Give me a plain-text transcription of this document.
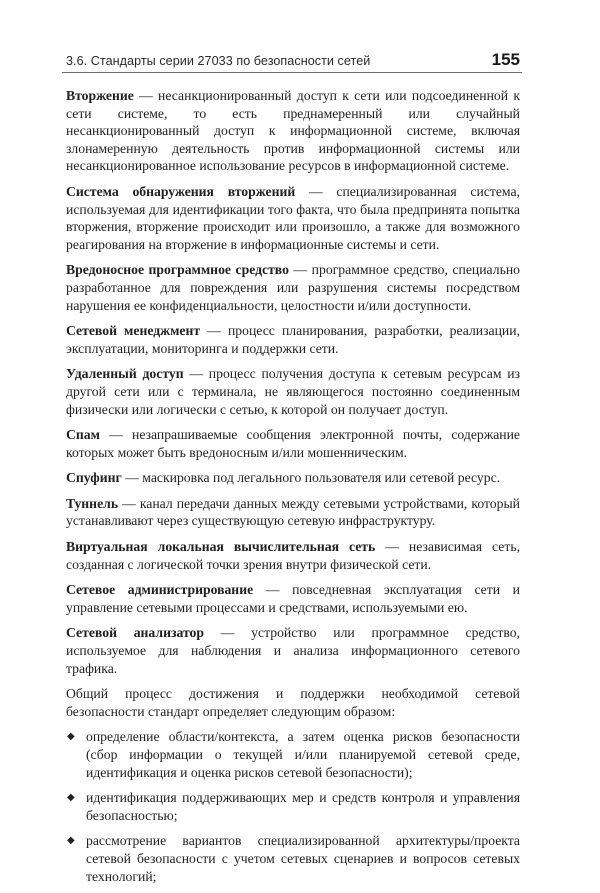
3.6. Стандарты серии 27033 по безопасности сетей	155

Вторжение — несанкционированный доступ к сети или подсоединенной к сети системе, то есть преднамеренный или случайный несанкционированный доступ к информационной системе, включая злонамеренную деятельность против информационной системы или несанкционированное использование ресурсов в информационной системе.

Система обнаружения вторжений — специализированная система, используемая для идентификации того факта, что была предпринята попытка вторжения, вторжение происходит или произошло, а также для возможного реагирования на вторжение в информационные системы и сети.

Вредоносное программное средство — программное средство, специально разработанное для повреждения или разрушения системы посредством нарушения ее конфиденциальности, целостности и/или доступности.

Сетевой менеджмент — процесс планирования, разработки, реализации, эксплуатации, мониторинга и поддержки сети.

Удаленный доступ — процесс получения доступа к сетевым ресурсам из другой сети или с терминала, не являющегося постоянно соединенным физически или логически с сетью, к которой он получает доступ.

Спам — незапрашиваемые сообщения электронной почты, содержание которых может быть вредоносным и/или мошенническим.

Спуфинг — маскировка под легального пользователя или сетевой ресурс.

Туннель — канал передачи данных между сетевыми устройствами, который устанавливают через существующую сетевую инфраструктуру.

Виртуальная локальная вычислительная сеть — независимая сеть, созданная с логической точки зрения внутри физической сети.

Сетевое администрирование — повседневная эксплуатация сети и управление сетевыми процессами и средствами, используемыми ею.

Сетевой анализатор — устройство или программное средство, используемое для наблюдения и анализа информационного сетевого трафика.

Общий процесс достижения и поддержки необходимой сетевой безопасности стандарт определяет следующим образом:

◆ определение области/контекста, а затем оценка рисков безопасности (сбор информации о текущей и/или планируемой сетевой среде, идентификация и оценка рисков сетевой безопасности);
◆ идентификация поддерживающих мер и средств контроля и управления безопасностью;
◆ рассмотрение вариантов специализированной архитектуры/проекта сетевой безопасности с учетом сетевых сценариев и вопросов сетевых технологий;
